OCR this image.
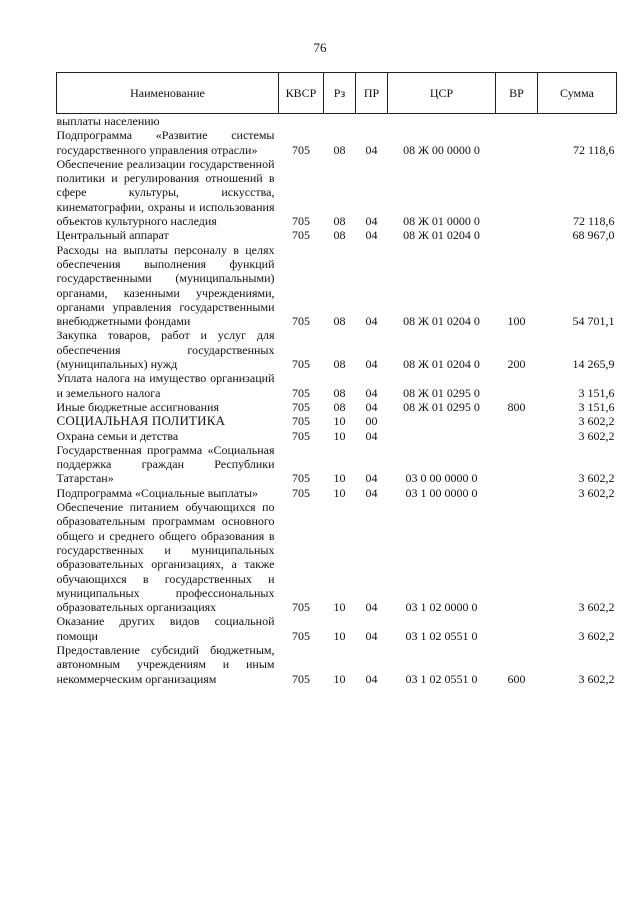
76
Наименование	КВСР	Рз	ПР	ЦСР	ВР	Сумма
выплаты населению						
Подпрограмма «Развитие системы государственного управления отрасли»	705	08	04	08 Ж 00 0000 0		72 118,6
Обеспечение реализации государственной политики и регулирования отношений в сфере культуры, искусства, кинематографии, охраны и использования объектов культурного наследия	705	08	04	08 Ж 01 0000 0		72 118,6
Центральный аппарат	705	08	04	08 Ж 01 0204 0		68 967,0
Расходы на выплаты персоналу в целях обеспечения выполнения функций государственными (муниципальными) органами, казенными учреждениями, органами управления государственными внебюджетными фондами	705	08	04	08 Ж 01 0204 0	100	54 701,1
Закупка товаров, работ и услуг для обеспечения государственных (муниципальных) нужд	705	08	04	08 Ж 01 0204 0	200	14 265,9
Уплата налога на имущество организаций и земельного налога	705	08	04	08 Ж 01 0295 0		3 151,6
Иные бюджетные ассигнования	705	08	04	08 Ж 01 0295 0	800	3 151,6
СОЦИАЛЬНАЯ ПОЛИТИКА	705	10	00			3 602,2
Охрана семьи и детства	705	10	04			3 602,2
Государственная программа «Социальная поддержка граждан Республики Татарстан»	705	10	04	03 0 00 0000 0		3 602,2
Подпрограмма «Социальные выплаты»	705	10	04	03 1 00 0000 0		3 602,2
Обеспечение питанием обучающихся по образовательным программам основного общего и среднего общего образования в государственных и муниципальных образовательных организациях, а также обучающихся в государственных и муниципальных профессиональных образовательных организациях	705	10	04	03 1 02 0000 0		3 602,2
Оказание других видов социальной помощи	705	10	04	03 1 02 0551 0		3 602,2
Предоставление субсидий бюджетным, автономным учреждениям и иным некоммерческим организациям	705	10	04	03 1 02 0551 0	600	3 602,2
